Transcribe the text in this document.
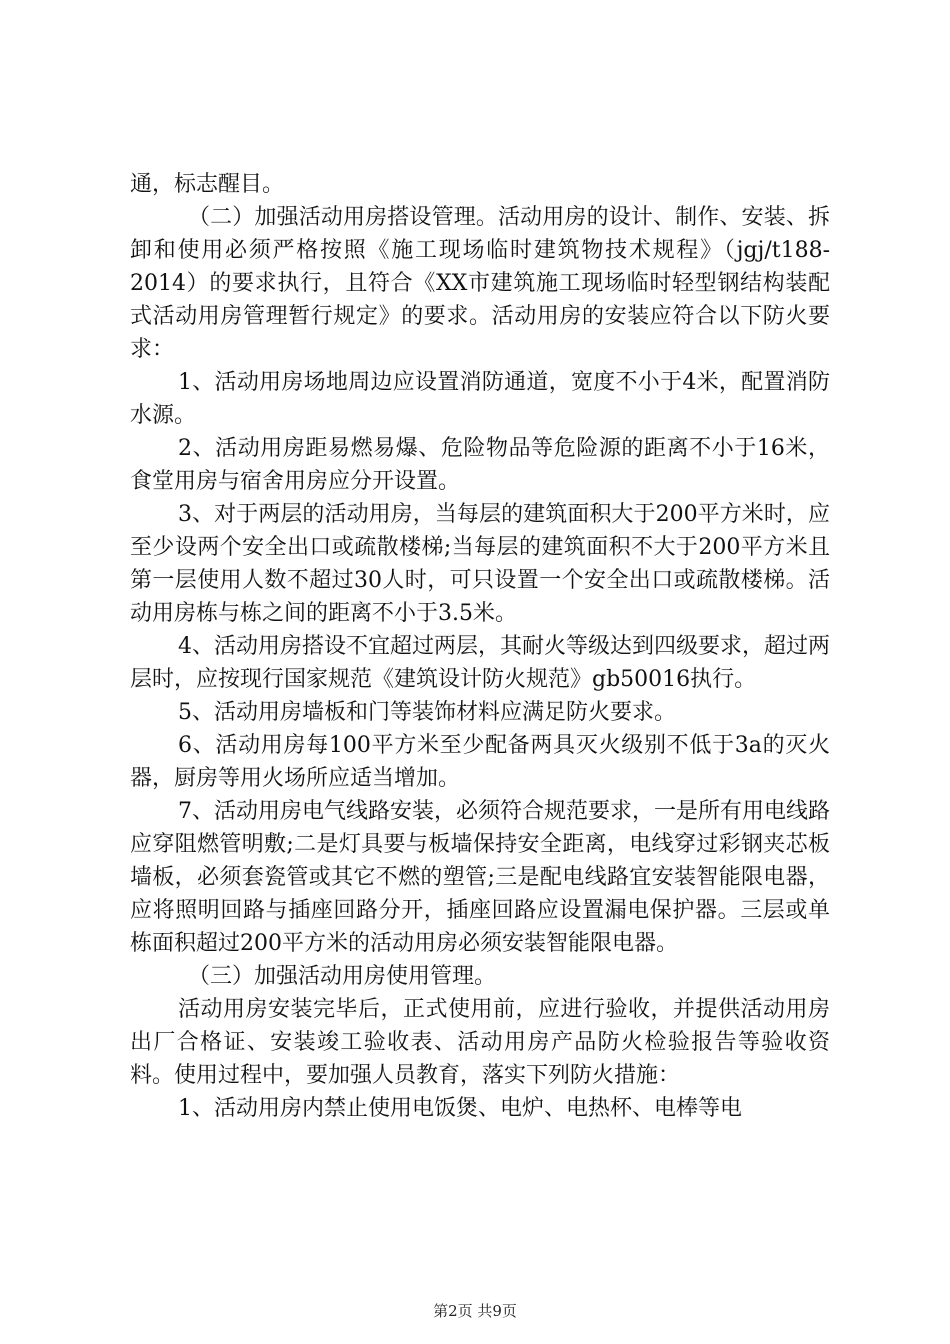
通，标志醒目。

（二）加强活动用房搭设管理。活动用房的设计、制作、安装、拆卸和使用必须严格按照《施工现场临时建筑物技术规程》（jgj/t188-2014）的要求执行，且符合《XX市建筑施工现场临时轻型钢结构装配式活动用房管理暂行规定》的要求。活动用房的安装应符合以下防火要求：

1、活动用房场地周边应设置消防通道，宽度不小于4米，配置消防水源。

2、活动用房距易燃易爆、危险物品等危险源的距离不小于16米，食堂用房与宿舍用房应分开设置。

3、对于两层的活动用房，当每层的建筑面积大于200平方米时，应至少设两个安全出口或疏散楼梯;当每层的建筑面积不大于200平方米且第一层使用人数不超过30人时，可只设置一个安全出口或疏散楼梯。活动用房栋与栋之间的距离不小于3.5米。

4、活动用房搭设不宜超过两层，其耐火等级达到四级要求，超过两层时，应按现行国家规范《建筑设计防火规范》gb50016执行。

5、活动用房墙板和门等装饰材料应满足防火要求。

6、活动用房每100平方米至少配备两具灭火级别不低于3a的灭火器，厨房等用火场所应适当增加。

7、活动用房电气线路安装，必须符合规范要求，一是所有用电线路应穿阻燃管明敷;二是灯具要与板墙保持安全距离，电线穿过彩钢夹芯板墙板，必须套瓷管或其它不燃的塑管;三是配电线路宜安装智能限电器，应将照明回路与插座回路分开，插座回路应设置漏电保护器。三层或单栋面积超过200平方米的活动用房必须安装智能限电器。

（三）加强活动用房使用管理。

活动用房安装完毕后，正式使用前，应进行验收，并提供活动用房出厂合格证、安装竣工验收表、活动用房产品防火检验报告等验收资料。使用过程中，要加强人员教育，落实下列防火措施：

1、活动用房内禁止使用电饭煲、电炉、电热杯、电棒等电

第2页 共9页
